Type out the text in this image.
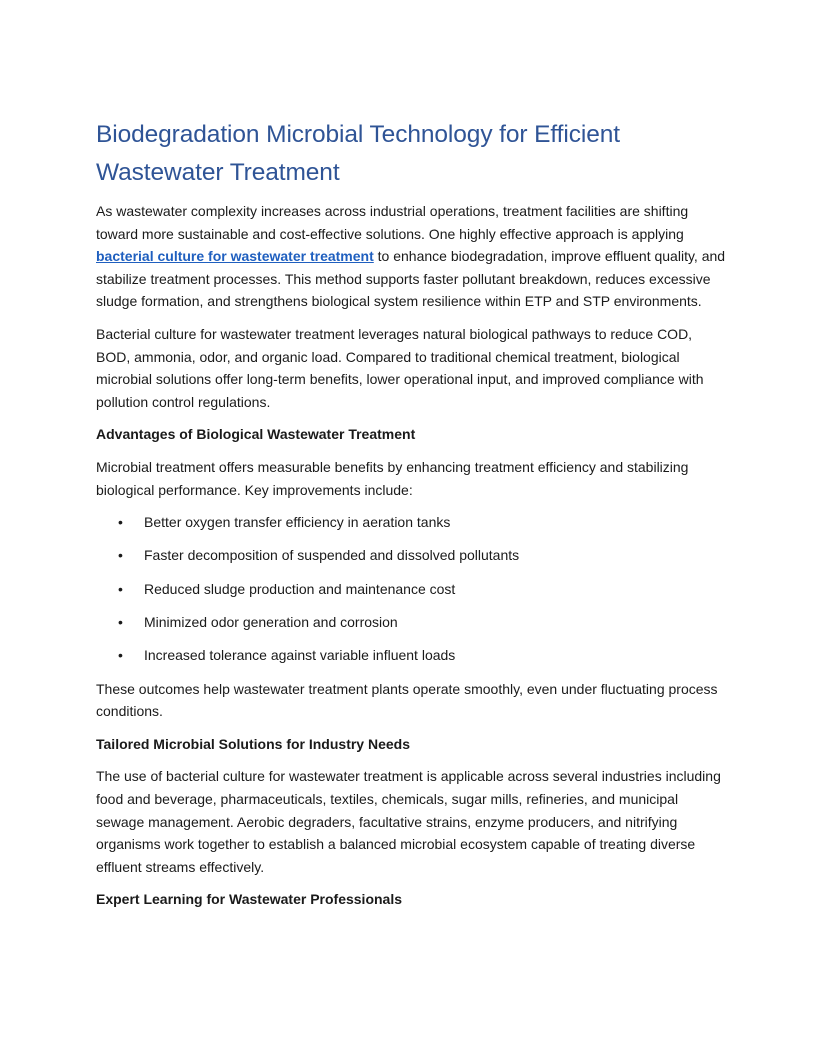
Biodegradation Microbial Technology for Efficient Wastewater Treatment

As wastewater complexity increases across industrial operations, treatment facilities are shifting toward more sustainable and cost-effective solutions. One highly effective approach is applying bacterial culture for wastewater treatment to enhance biodegradation, improve effluent quality, and stabilize treatment processes. This method supports faster pollutant breakdown, reduces excessive sludge formation, and strengthens biological system resilience within ETP and STP environments.

Bacterial culture for wastewater treatment leverages natural biological pathways to reduce COD, BOD, ammonia, odor, and organic load. Compared to traditional chemical treatment, biological microbial solutions offer long-term benefits, lower operational input, and improved compliance with pollution control regulations.

Advantages of Biological Wastewater Treatment

Microbial treatment offers measurable benefits by enhancing treatment efficiency and stabilizing biological performance. Key improvements include:

• Better oxygen transfer efficiency in aeration tanks
• Faster decomposition of suspended and dissolved pollutants
• Reduced sludge production and maintenance cost
• Minimized odor generation and corrosion
• Increased tolerance against variable influent loads

These outcomes help wastewater treatment plants operate smoothly, even under fluctuating process conditions.

Tailored Microbial Solutions for Industry Needs

The use of bacterial culture for wastewater treatment is applicable across several industries including food and beverage, pharmaceuticals, textiles, chemicals, sugar mills, refineries, and municipal sewage management. Aerobic degraders, facultative strains, enzyme producers, and nitrifying organisms work together to establish a balanced microbial ecosystem capable of treating diverse effluent streams effectively.

Expert Learning for Wastewater Professionals
